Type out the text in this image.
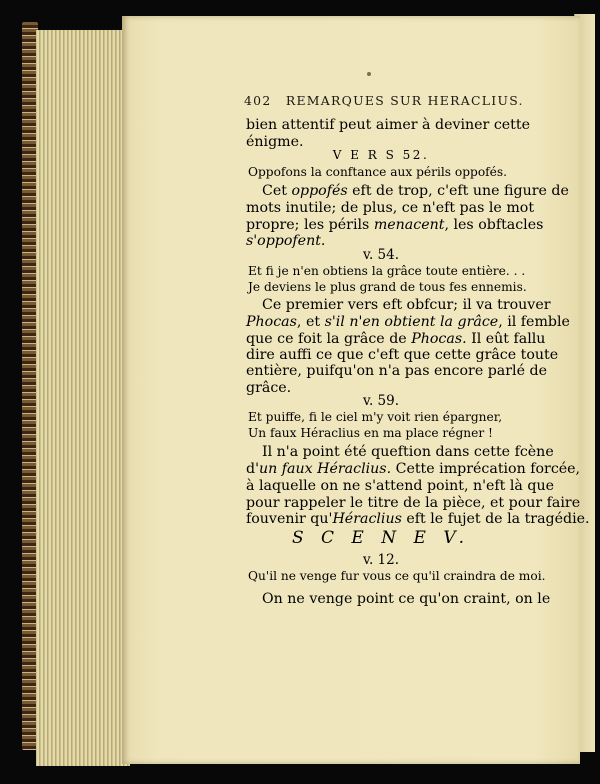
402 REMARQUES SUR HERACLIUS.
bien attentif peut aimer à deviner cette
énigme.
V E R S 52.
Oppofons la conftance aux périls oppofés.
Cet oppofés eft de trop, c'eft une figure de
mots inutile; de plus, ce n'eft pas le mot
propre; les périls menacent, les obftacles
s'oppofent.
v. 54.
Et fi je n'en obtiens la grâce toute entière. . .
Je deviens le plus grand de tous fes ennemis.
Ce premier vers eft obfcur; il va trouver
Phocas, et s'il n'en obtient la grâce, il femble
que ce foit la grâce de Phocas. Il eût fallu
dire auffi ce que c'eft que cette grâce toute
entière, puifqu'on n'a pas encore parlé de
grâce.
v. 59.
Et puiffe, fi le ciel m'y voit rien épargner,
Un faux Héraclius en ma place régner !
Il n'a point été queftion dans cette fcène
d'un faux Héraclius. Cette imprécation forcée,
à laquelle on ne s'attend point, n'eft là que
pour rappeler le titre de la pièce, et pour faire
fouvenir qu'Héraclius eft le fujet de la tragédie.
S C E N E V.
v. 12.
Qu'il ne venge fur vous ce qu'il craindra de moi.
On ne venge point ce qu'on craint, on le
